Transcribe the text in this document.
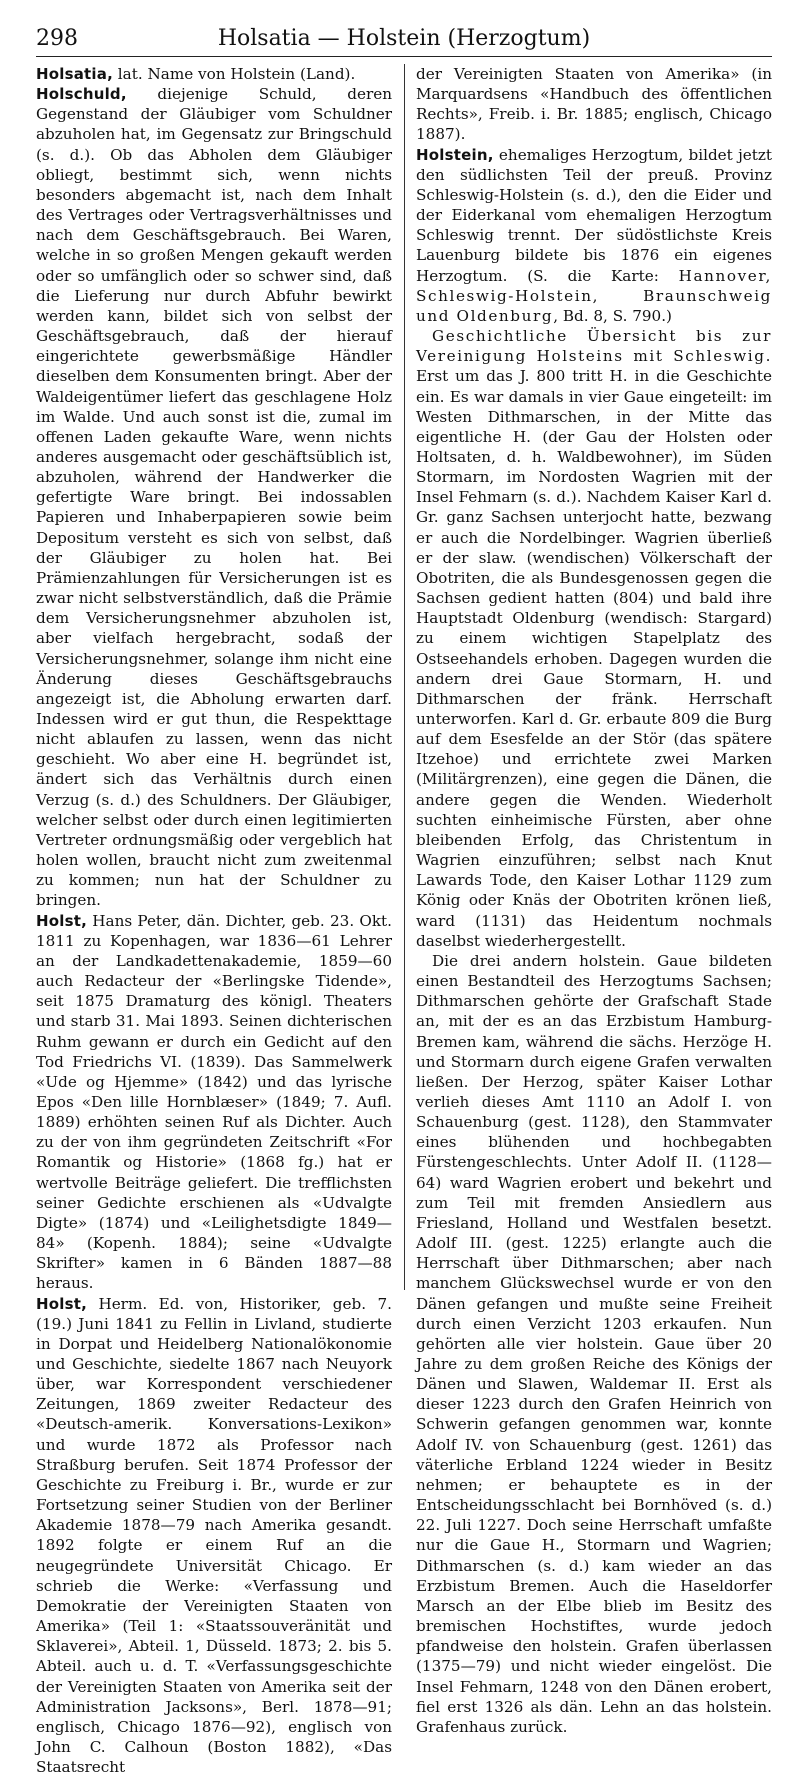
298	Holsatia — Holstein (Herzogtum)

Holsatia, lat. Name von Holstein (Land).

Holschuld, diejenige Schuld, deren Gegenstand der Gläubiger vom Schuldner abzuholen hat, im Gegensatz zur Bringschuld (s. d.). Ob das Abholen dem Gläubiger obliegt, bestimmt sich, wenn nichts besonders abgemacht ist, nach dem Inhalt des Vertrages oder Vertragsverhältnisses und nach dem Geschäftsgebrauch. Bei Waren, welche in so großen Mengen gekauft werden oder so umfänglich oder so schwer sind, daß die Lieferung nur durch Abfuhr bewirkt werden kann, bildet sich von selbst der Geschäftsgebrauch, daß der hierauf eingerichtete gewerbsmäßige Händler dieselben dem Konsumenten bringt. Aber der Waldeigentümer liefert das geschlagene Holz im Walde. Und auch sonst ist die, zumal im offenen Laden gekaufte Ware, wenn nichts anderes ausgemacht oder geschäftsüblich ist, abzuholen, während der Handwerker die gefertigte Ware bringt. Bei indossablen Papieren und Inhaberpapieren sowie beim Depositum versteht es sich von selbst, daß der Gläubiger zu holen hat. Bei Prämienzahlungen für Versicherungen ist es zwar nicht selbstverständlich, daß die Prämie dem Versicherungsnehmer abzuholen ist, aber vielfach hergebracht, sodaß der Versicherungsnehmer, solange ihm nicht eine Änderung dieses Geschäftsgebrauchs angezeigt ist, die Abholung erwarten darf. Indessen wird er gut thun, die Respekttage nicht ablaufen zu lassen, wenn das nicht geschieht. Wo aber eine H. begründet ist, ändert sich das Verhältnis durch einen Verzug (s. d.) des Schuldners. Der Gläubiger, welcher selbst oder durch einen legitimierten Vertreter ordnungsmäßig oder vergeblich hat holen wollen, braucht nicht zum zweitenmal zu kommen; nun hat der Schuldner zu bringen.

Holst, Hans Peter, dän. Dichter, geb. 23. Okt. 1811 zu Kopenhagen, war 1836—61 Lehrer an der Landkadettenakademie, 1859—60 auch Redacteur der «Berlingske Tidende», seit 1875 Dramaturg des königl. Theaters und starb 31. Mai 1893. Seinen dichterischen Ruhm gewann er durch ein Gedicht auf den Tod Friedrichs VI. (1839). Das Sammelwerk «Ude og Hjemme» (1842) und das lyrische Epos «Den lille Hornblæser» (1849; 7. Aufl. 1889) erhöhten seinen Ruf als Dichter. Auch zu der von ihm gegründeten Zeitschrift «For Romantik og Historie» (1868 fg.) hat er wertvolle Beiträge geliefert. Die trefflichsten seiner Gedichte erschienen als «Udvalgte Digte» (1874) und «Leilighetsdigte 1849—84» (Kopenh. 1884); seine «Udvalgte Skrifter» kamen in 6 Bänden 1887—88 heraus.

Holst, Herm. Ed. von, Historiker, geb. 7. (19.) Juni 1841 zu Fellin in Livland, studierte in Dorpat und Heidelberg Nationalökonomie und Geschichte, siedelte 1867 nach Neuyork über, war Korrespondent verschiedener Zeitungen, 1869 zweiter Redacteur des «Deutsch-amerik. Konversations-Lexikon» und wurde 1872 als Professor nach Straßburg berufen. Seit 1874 Professor der Geschichte zu Freiburg i. Br., wurde er zur Fortsetzung seiner Studien von der Berliner Akademie 1878—79 nach Amerika gesandt. 1892 folgte er einem Ruf an die neugegründete Universität Chicago. Er schrieb die Werke: «Verfassung und Demokratie der Vereinigten Staaten von Amerika» (Teil 1: «Staatssouveränität und Sklaverei», Abteil. 1, Düsseld. 1873; 2. bis 5. Abteil. auch u. d. T. «Verfassungsgeschichte der Vereinigten Staaten von Amerika seit der Administration Jacksons», Berl. 1878—91; englisch, Chicago 1876—92), englisch von John C. Calhoun (Boston 1882), «Das Staatsrecht

der Vereinigten Staaten von Amerika» (in Marquardsens «Handbuch des öffentlichen Rechts», Freib. i. Br. 1885; englisch, Chicago 1887).

Holstein, ehemaliges Herzogtum, bildet jetzt den südlichsten Teil der preuß. Provinz Schleswig-Holstein (s. d.), den die Eider und der Eiderkanal vom ehemaligen Herzogtum Schleswig trennt. Der südöstlichste Kreis Lauenburg bildete bis 1876 ein eigenes Herzogtum. (S. die Karte: Hannover, Schleswig-Holstein, Braunschweig und Oldenburg, Bd. 8, S. 790.)

Geschichtliche Übersicht bis zur Vereinigung Holsteins mit Schleswig. Erst um das J. 800 tritt H. in die Geschichte ein. Es war damals in vier Gaue eingeteilt: im Westen Dithmarschen, in der Mitte das eigentliche H. (der Gau der Holsten oder Holtsaten, d. h. Waldbewohner), im Süden Stormarn, im Nordosten Wagrien mit der Insel Fehmarn (s. d.). Nachdem Kaiser Karl d. Gr. ganz Sachsen unterjocht hatte, bezwang er auch die Nordelbinger. Wagrien überließ er der slaw. (wendischen) Völkerschaft der Obotriten, die als Bundesgenossen gegen die Sachsen gedient hatten (804) und bald ihre Hauptstadt Oldenburg (wendisch: Stargard) zu einem wichtigen Stapelplatz des Ostseehandels erhoben. Dagegen wurden die andern drei Gaue Stormarn, H. und Dithmarschen der fränk. Herrschaft unterworfen. Karl d. Gr. erbaute 809 die Burg auf dem Esesfelde an der Stör (das spätere Itzehoe) und errichtete zwei Marken (Militärgrenzen), eine gegen die Dänen, die andere gegen die Wenden. Wiederholt suchten einheimische Fürsten, aber ohne bleibenden Erfolg, das Christentum in Wagrien einzuführen; selbst nach Knut Lawards Tode, den Kaiser Lothar 1129 zum König oder Knäs der Obotriten krönen ließ, ward (1131) das Heidentum nochmals daselbst wiederhergestellt.

Die drei andern holstein. Gaue bildeten einen Bestandteil des Herzogtums Sachsen; Dithmarschen gehörte der Grafschaft Stade an, mit der es an das Erzbistum Hamburg-Bremen kam, während die sächs. Herzöge H. und Stormarn durch eigene Grafen verwalten ließen. Der Herzog, später Kaiser Lothar verlieh dieses Amt 1110 an Adolf I. von Schauenburg (gest. 1128), den Stammvater eines blühenden und hochbegabten Fürstengeschlechts. Unter Adolf II. (1128—64) ward Wagrien erobert und bekehrt und zum Teil mit fremden Ansiedlern aus Friesland, Holland und Westfalen besetzt. Adolf III. (gest. 1225) erlangte auch die Herrschaft über Dithmarschen; aber nach manchem Glückswechsel wurde er von den Dänen gefangen und mußte seine Freiheit durch einen Verzicht 1203 erkaufen. Nun gehörten alle vier holstein. Gaue über 20 Jahre zu dem großen Reiche des Königs der Dänen und Slawen, Waldemar II. Erst als dieser 1223 durch den Grafen Heinrich von Schwerin gefangen genommen war, konnte Adolf IV. von Schauenburg (gest. 1261) das väterliche Erbland 1224 wieder in Besitz nehmen; er behauptete es in der Entscheidungsschlacht bei Bornhöved (s. d.) 22. Juli 1227. Doch seine Herrschaft umfaßte nur die Gaue H., Stormarn und Wagrien; Dithmarschen (s. d.) kam wieder an das Erzbistum Bremen. Auch die Haseldorfer Marsch an der Elbe blieb im Besitz des bremischen Hochstiftes, wurde jedoch pfandweise den holstein. Grafen überlassen (1375—79) und nicht wieder eingelöst. Die Insel Fehmarn, 1248 von den Dänen erobert, fiel erst 1326 als dän. Lehn an das holstein. Grafenhaus zurück.
